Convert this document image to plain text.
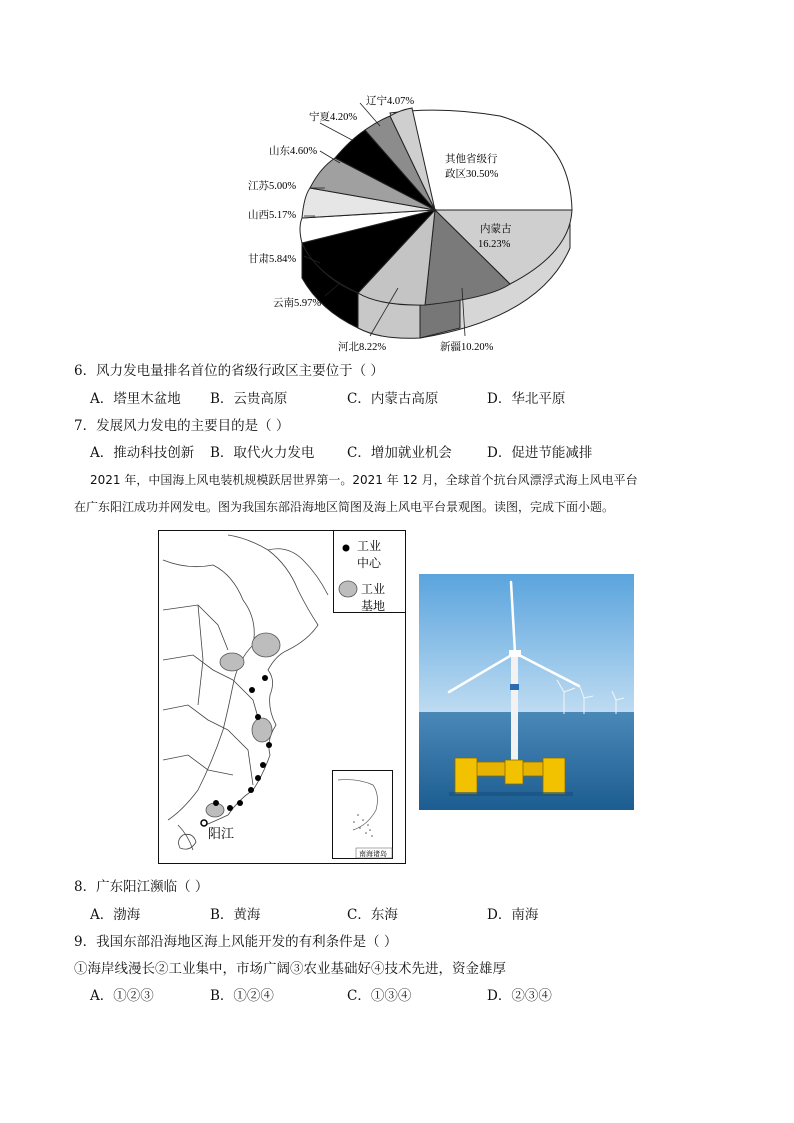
辽宁4.07%
宁夏4.20%
山东4.60%
江苏5.00%
山西5.17%
甘肃5.84%
云南5.97%
河北8.22%	新疆10.20%
内蒙古
16.23%
其他省级行
政区30.50%
6．风力发电量排名首位的省级行政区主要位于（ ）
A．塔里木盆地 B．云贵高原	C．内蒙古高原	D．华北平原
7．发展风力发电的主要目的是（ ）
A．推动科技创新 B．取代火力发电 C．增加就业机会	D．促进节能减排
2021 年，中国海上风电装机规模跃居世界第一。2021 年 12 月，全球首个抗台风漂浮式海上风电平台
在广东阳江成功并网发电。图为我国东部沿海地区简图及海上风电平台景观图。读图，完成下面小题。
阳江
工业
中心
工业
基地
南海诸岛
8．广东阳江濒临（ ）
A．渤海	B．黄海	C．东海	D．南海
9．我国东部沿海地区海上风能开发的有利条件是（ ）
①海岸线漫长②工业集中，市场广阔③农业基础好④技术先进，资金雄厚
A．①②③	B．①②④	C．①③④	D．②③④
